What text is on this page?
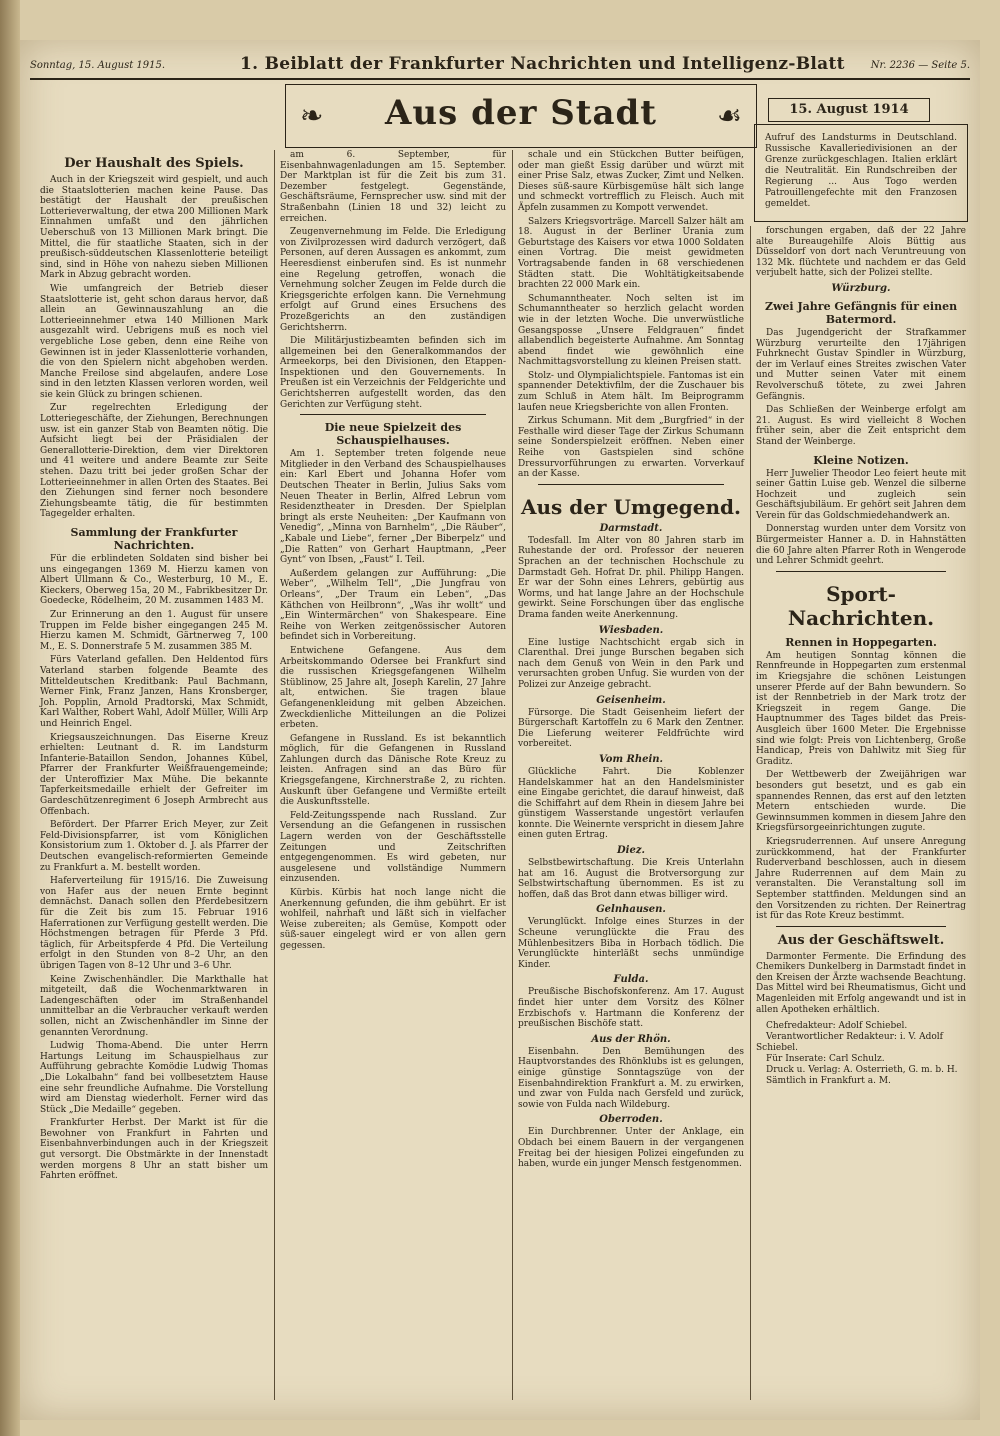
Sonntag, 15. August 1915.	1. Beiblatt der Frankfurter Nachrichten und Intelligenz-Blatt	Nr. 2236 — Seite 5.
❧	Aus der Stadt	☙	15. August 1914

Aufruf des Landsturms in Deutschland. Russische Kavalleriedivisionen an der Grenze zurückgeschlagen. Italien erklärt die Neutralität. Ein Rundschreiben der Regierung ... Aus Togo werden Patrouillengefechte mit den Franzosen gemeldet.

Der Haushalt des Spiels.

Auch in der Kriegszeit wird gespielt, und auch die Staatslotterien machen keine Pause. Das bestätigt der Haushalt der preußischen Lotterieverwaltung, der etwa 200 Millionen Mark Einnahmen umfaßt und den jährlichen Ueberschuß von 13 Millionen Mark bringt. Die Mittel, die für staatliche Staaten, sich in der preußisch-süddeutschen Klassenlotterie beteiligt sind, sind in Höhe von nahezu sieben Millionen Mark in Abzug gebracht worden.

Wie umfangreich der Betrieb dieser Staatslotterie ist, geht schon daraus hervor, daß allein an Gewinnauszahlung an die Lotterieeinnehmer etwa 140 Millionen Mark ausgezahlt wird. Uebrigens muß es noch viel vergebliche Lose geben, denn eine Reihe von Gewinnen ist in jeder Klassenlotterie vorhanden, die von den Spielern nicht abgehoben werden. Manche Freilose sind abgelaufen, andere Lose sind in den letzten Klassen verloren worden, weil sie kein Glück zu bringen schienen.

Zur regelrechten Erledigung der Lotteriegeschäfte, der Ziehungen, Berechnungen usw. ist ein ganzer Stab von Beamten nötig. Die Aufsicht liegt bei der Präsidialen der Generallotterie-Direktion, dem vier Direktoren und 41 weitere und andere Beamte zur Seite stehen. Dazu tritt bei jeder großen Schar der Lotterieeinnehmer in allen Orten des Staates. Bei den Ziehungen sind ferner noch besondere Ziehungsbeamte tätig, die für bestimmten Tagegelder erhalten.

Sammlung der Frankfurter Nachrichten.

Für die erblindeten Soldaten sind bisher bei uns eingegangen 1369 M. Hierzu kamen von Albert Ullmann & Co., Westerburg, 10 M., E. Kieckers, Oberweg 15a, 20 M., Fabrikbesitzer Dr. Goedecke, Rödelheim, 20 M. zusammen 1483 M.

Zur Erinnerung an den 1. August für unsere Truppen im Felde bisher eingegangen 245 M. Hierzu kamen M. Schmidt, Gärtnerweg 7, 100 M., E. S. Donnerstrafe 5 M. zusammen 385 M.

Fürs Vaterland gefallen. Den Heldentod fürs Vaterland starben folgende Beamte des Mitteldeutschen Kreditbank: Paul Bachmann, Werner Fink, Franz Janzen, Hans Kronsberger, Joh. Popplin, Arnold Pradtorski, Max Schmidt, Karl Walther, Robert Wahl, Adolf Müller, Willi Arp und Heinrich Engel.

Kriegsauszeichnungen. Das Eiserne Kreuz erhielten: Leutnant d. R. im Landsturm Infanterie-Bataillon Sendon, Johannes Kübel, Pfarrer der Frankfurter Weißfrauengemeinde; der Unteroffizier Max Mühe. Die bekannte Tapferkeitsmedaille erhielt der Gefreiter im Gardeschützenregiment 6 Joseph Armbrecht aus Offenbach.

Befördert. Der Pfarrer Erich Meyer, zur Zeit Feld-Divisionspfarrer, ist vom Königlichen Konsistorium zum 1. Oktober d. J. als Pfarrer der Deutschen evangelisch-reformierten Gemeinde zu Frankfurt a. M. bestellt worden.

Haferverteilung für 1915/16. Die Zuweisung von Hafer aus der neuen Ernte beginnt demnächst. Danach sollen den Pferdebesitzern für die Zeit bis zum 15. Februar 1916 Haferrationen zur Verfügung gestellt werden. Die Höchstmengen betragen für Pferde 3 Pfd. täglich, für Arbeitspferde 4 Pfd. Die Verteilung erfolgt in den Stunden von 8–2 Uhr, an den übrigen Tagen von 8–12 Uhr und 3–6 Uhr.

Keine Zwischenhändler. Die Markthalle hat mitgeteilt, daß die Wochenmarktwaren in Ladengeschäften oder im Straßenhandel unmittelbar an die Verbraucher verkauft werden sollen, nicht an Zwischenhändler im Sinne der genannten Verordnung.

Ludwig Thoma-Abend. Die unter Herrn Hartungs Leitung im Schauspielhaus zur Aufführung gebrachte Komödie Ludwig Thomas „Die Lokalbahn“ fand bei vollbesetztem Hause eine sehr freundliche Aufnahme. Die Vorstellung wird am Dienstag wiederholt. Ferner wird das Stück „Die Medaille“ gegeben.

Frankfurter Herbst. Der Markt ist für die Bewohner von Frankfurt in Fahrten und Eisenbahnverbindungen auch in der Kriegszeit gut versorgt. Die Obstmärkte in der Innenstadt werden morgens 8 Uhr an statt bisher um Fahrten eröffnet.

am 6. September, für Eisenbahnwagenladungen am 15. September. Der Marktplan ist für die Zeit bis zum 31. Dezember festgelegt. Gegenstände, Geschäftsräume, Fernsprecher usw. sind mit der Straßenbahn (Linien 18 und 32) leicht zu erreichen.

Zeugenvernehmung im Felde. Die Erledigung von Zivilprozessen wird dadurch verzögert, daß Personen, auf deren Aussagen es ankommt, zum Heeresdienst einberufen sind. Es ist nunmehr eine Regelung getroffen, wonach die Vernehmung solcher Zeugen im Felde durch die Kriegsgerichte erfolgen kann. Die Vernehmung erfolgt auf Grund eines Ersuchens des Prozeßgerichts an den zuständigen Gerichtsherrn.

Die Militärjustizbeamten befinden sich im allgemeinen bei den Generalkommandos der Armeekorps, bei den Divisionen, den Etappen-Inspektionen und den Gouvernements. In Preußen ist ein Verzeichnis der Feldgerichte und Gerichtsherren aufgestellt worden, das den Gerichten zur Verfügung steht.

Die neue Spielzeit des Schauspielhauses.

Am 1. September treten folgende neue Mitglieder in den Verband des Schauspielhauses ein: Karl Ebert und Johanna Hofer vom Deutschen Theater in Berlin, Julius Saks vom Neuen Theater in Berlin, Alfred Lebrun vom Residenztheater in Dresden. Der Spielplan bringt als erste Neuheiten: „Der Kaufmann von Venedig“, „Minna von Barnhelm“, „Die Räuber“, „Kabale und Liebe“, ferner „Der Biberpelz“ und „Die Ratten“ von Gerhart Hauptmann, „Peer Gynt“ von Ibsen, „Faust“ I. Teil.

Außerdem gelangen zur Aufführung: „Die Weber“, „Wilhelm Tell“, „Die Jungfrau von Orleans“, „Der Traum ein Leben“, „Das Käthchen von Heilbronn“, „Was ihr wollt“ und „Ein Wintermärchen“ von Shakespeare. Eine Reihe von Werken zeitgenössischer Autoren befindet sich in Vorbereitung.

Entwichene Gefangene. Aus dem Arbeitskommando Odersee bei Frankfurt sind die russischen Kriegsgefangenen Wilhelm Stüblinow, 25 Jahre alt, Joseph Karelin, 27 Jahre alt, entwichen. Sie tragen blaue Gefangenenkleidung mit gelben Abzeichen. Zweckdienliche Mitteilungen an die Polizei erbeten.

Gefangene in Russland. Es ist bekanntlich möglich, für die Gefangenen in Russland Zahlungen durch das Dänische Rote Kreuz zu leisten. Anfragen sind an das Büro für Kriegsgefangene, Kirchnerstraße 2, zu richten. Auskunft über Gefangene und Vermißte erteilt die Auskunftsstelle.

Feld-Zeitungsspende nach Russland. Zur Versendung an die Gefangenen in russischen Lagern werden von der Geschäftsstelle Zeitungen und Zeitschriften entgegengenommen. Es wird gebeten, nur ausgelesene und vollständige Nummern einzusenden.

Kürbis. Kürbis hat noch lange nicht die Anerkennung gefunden, die ihm gebührt. Er ist wohlfeil, nahrhaft und läßt sich in vielfacher Weise zubereiten; als Gemüse, Kompott oder süß-sauer eingelegt wird er von allen gern gegessen.

schale und ein Stückchen Butter beifügen, oder man gießt Essig darüber und würzt mit einer Prise Salz, etwas Zucker, Zimt und Nelken. Dieses süß-saure Kürbisgemüse hält sich lange und schmeckt vortrefflich zu Fleisch. Auch mit Äpfeln zusammen zu Kompott verwendet.

Salzers Kriegsvorträge. Marcell Salzer hält am 18. August in der Berliner Urania zum Geburtstage des Kaisers vor etwa 1000 Soldaten einen Vortrag. Die meist gewidmeten Vortragsabende fanden in 68 verschiedenen Städten statt. Die Wohltätigkeitsabende brachten 22 000 Mark ein.

Schumanntheater. Noch selten ist im Schumanntheater so herzlich gelacht worden wie in der letzten Woche. Die unverwüstliche Gesangsposse „Unsere Feldgrauen“ findet allabendlich begeisterte Aufnahme. Am Sonntag abend findet wie gewöhnlich eine Nachmittagsvorstellung zu kleinen Preisen statt.

Stolz- und Olympialichtspiele. Fantomas ist ein spannender Detektivfilm, der die Zuschauer bis zum Schluß in Atem hält. Im Beiprogramm laufen neue Kriegsberichte von allen Fronten.

Zirkus Schumann. Mit dem „Burgfried“ in der Festhalle wird dieser Tage der Zirkus Schumann seine Sonderspielzeit eröffnen. Neben einer Reihe von Gastspielen sind schöne Dressurvorführungen zu erwarten. Vorverkauf an der Kasse.

Aus der Umgegend.
Darmstadt.

Todesfall. Im Alter von 80 Jahren starb im Ruhestande der ord. Professor der neueren Sprachen an der technischen Hochschule zu Darmstadt Geh. Hofrat Dr. phil. Philipp Hangen. Er war der Sohn eines Lehrers, gebürtig aus Worms, und hat lange Jahre an der Hochschule gewirkt. Seine Forschungen über das englische Drama fanden weite Anerkennung.

Wiesbaden.

Eine lustige Nachtschicht ergab sich in Clarenthal. Drei junge Burschen begaben sich nach dem Genuß von Wein in den Park und verursachten groben Unfug. Sie wurden von der Polizei zur Anzeige gebracht.

Geisenheim.

Fürsorge. Die Stadt Geisenheim liefert der Bürgerschaft Kartoffeln zu 6 Mark den Zentner. Die Lieferung weiterer Feldfrüchte wird vorbereitet.

Vom Rhein.

Glückliche Fahrt. Die Koblenzer Handelskammer hat an den Handelsminister eine Eingabe gerichtet, die darauf hinweist, daß die Schiffahrt auf dem Rhein in diesem Jahre bei günstigem Wasserstande ungestört verlaufen konnte. Die Weinernte verspricht in diesem Jahre einen guten Ertrag.

Diez.

Selbstbewirtschaftung. Die Kreis Unterlahn hat am 16. August die Brotversorgung zur Selbstwirtschaftung übernommen. Es ist zu hoffen, daß das Brot dann etwas billiger wird.

Gelnhausen.

Verunglückt. Infolge eines Sturzes in der Scheune verunglückte die Frau des Mühlenbesitzers Biba in Horbach tödlich. Die Verunglückte hinterläßt sechs unmündige Kinder.

Fulda.

Preußische Bischofskonferenz. Am 17. August findet hier unter dem Vorsitz des Kölner Erzbischofs v. Hartmann die Konferenz der preußischen Bischöfe statt.

Aus der Rhön.

Eisenbahn. Den Bemühungen des Hauptvorstandes des Rhönklubs ist es gelungen, einige günstige Sonntagszüge von der Eisenbahndirektion Frankfurt a. M. zu erwirken, und zwar von Fulda nach Gersfeld und zurück, sowie von Fulda nach Wildeburg.

Oberroden.

Ein Durchbrenner. Unter der Anklage, ein Obdach bei einem Bauern in der vergangenen Freitag bei der hiesigen Polizei eingefunden zu haben, wurde ein junger Mensch festgenommen.

forschungen ergaben, daß der 22 Jahre alte Bureaugehilfe Alois Büttig aus Düsseldorf von dort nach Veruntreuung von 132 Mk. flüchtete und nachdem er das Geld verjubelt hatte, sich der Polizei stellte.

Würzburg.
Zwei Jahre Gefängnis für einen Batermord.

Das Jugendgericht der Strafkammer Würzburg verurteilte den 17jährigen Fuhrknecht Gustav Spindler in Würzburg, der im Verlauf eines Streites zwischen Vater und Mutter seinen Vater mit einem Revolverschuß tötete, zu zwei Jahren Gefängnis.

Das Schließen der Weinberge erfolgt am 21. August. Es wird vielleicht 8 Wochen früher sein, aber die Zeit entspricht dem Stand der Weinberge.

Kleine Notizen.

Herr Juwelier Theodor Leo feiert heute mit seiner Gattin Luise geb. Wenzel die silberne Hochzeit und zugleich sein Geschäftsjubiläum. Er gehört seit Jahren dem Verein für das Goldschmiedehandwerk an.

Donnerstag wurden unter dem Vorsitz von Bürgermeister Hanner a. D. in Hahnstätten die 60 Jahre alten Pfarrer Roth in Wengerode und Lehrer Schmidt geehrt.

Sport-Nachrichten.
Rennen in Hoppegarten.

Am heutigen Sonntag können die Rennfreunde in Hoppegarten zum erstenmal im Kriegsjahre die schönen Leistungen unserer Pferde auf der Bahn bewundern. So ist der Rennbetrieb in der Mark trotz der Kriegszeit in regem Gange. Die Hauptnummer des Tages bildet das Preis-Ausgleich über 1600 Meter. Die Ergebnisse sind wie folgt: Preis von Lichtenberg, Große Handicap, Preis von Dahlwitz mit Sieg für Graditz.

Der Wettbewerb der Zweijährigen war besonders gut besetzt, und es gab ein spannendes Rennen, das erst auf den letzten Metern entschieden wurde. Die Gewinnsummen kommen in diesem Jahre den Kriegsfürsorgeeinrichtungen zugute.

Kriegsruderrennen. Auf unsere Anregung zurückkommend, hat der Frankfurter Ruderverband beschlossen, auch in diesem Jahre Ruderrennen auf dem Main zu veranstalten. Die Veranstaltung soll im September stattfinden. Meldungen sind an den Vorsitzenden zu richten. Der Reinertrag ist für das Rote Kreuz bestimmt.

Aus der Geschäftswelt.

Darmonter Fermente. Die Erfindung des Chemikers Dunkelberg in Darmstadt findet in den Kreisen der Ärzte wachsende Beachtung. Das Mittel wird bei Rheumatismus, Gicht und Magenleiden mit Erfolg angewandt und ist in allen Apotheken erhältlich.

Chefredakteur: Adolf Schiebel.
Verantwortlicher Redakteur: i. V. Adolf Schiebel.
Für Inserate: Carl Schulz.
Druck u. Verlag: A. Osterrieth, G. m. b. H.
Sämtlich in Frankfurt a. M.
